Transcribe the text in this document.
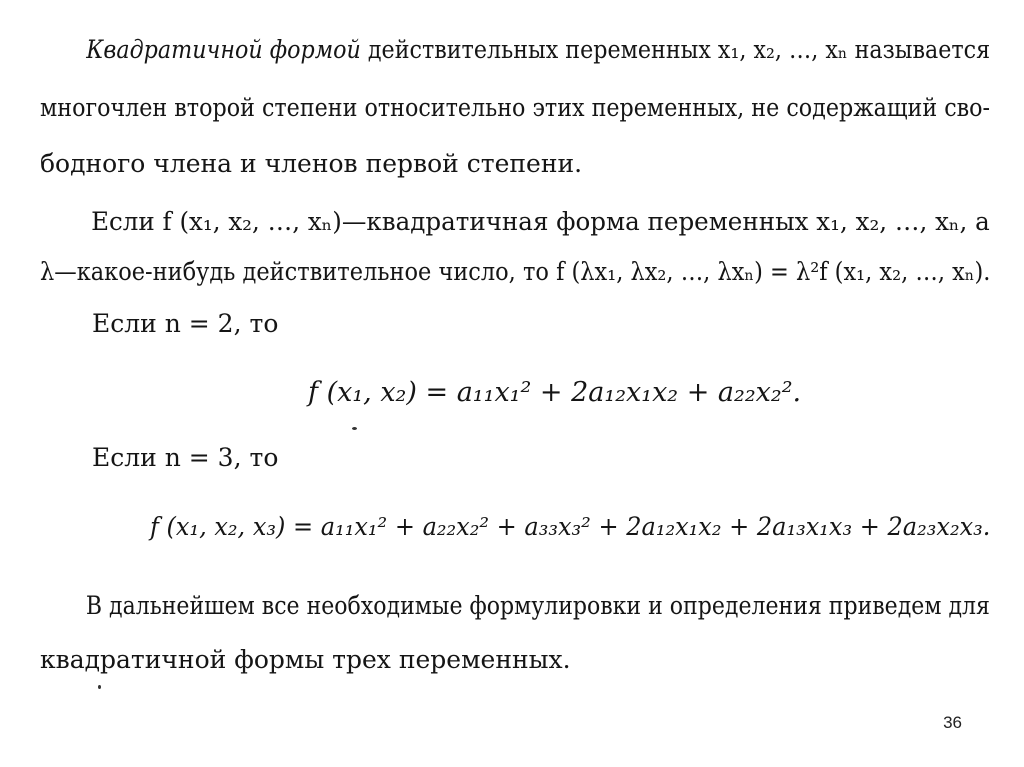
Квадратичной формой действительных переменных x₁, x₂, …, xₙ называется
многочлен второй степени относительно этих переменных, не содержащий сво-
бодного члена и членов первой степени.
Если f (x₁, x₂, …, xₙ)—квадратичная форма переменных x₁, x₂, …, xₙ, а
λ—какое-нибудь действительное число, то f (λx₁, λx₂, …, λxₙ) = λ²f (x₁, x₂, …, xₙ).
Если n = 2, то
f (x₁, x₂) = a₁₁x₁² + 2a₁₂x₁x₂ + a₂₂x₂².
Если n = 3, то
f (x₁, x₂, x₃) = a₁₁x₁² + a₂₂x₂² + a₃₃x₃² + 2a₁₂x₁x₂ + 2a₁₃x₁x₃ + 2a₂₃x₂x₃.
В дальнейшем все необходимые формулировки и определения приведем для
квадратичной формы трех переменных.
36
